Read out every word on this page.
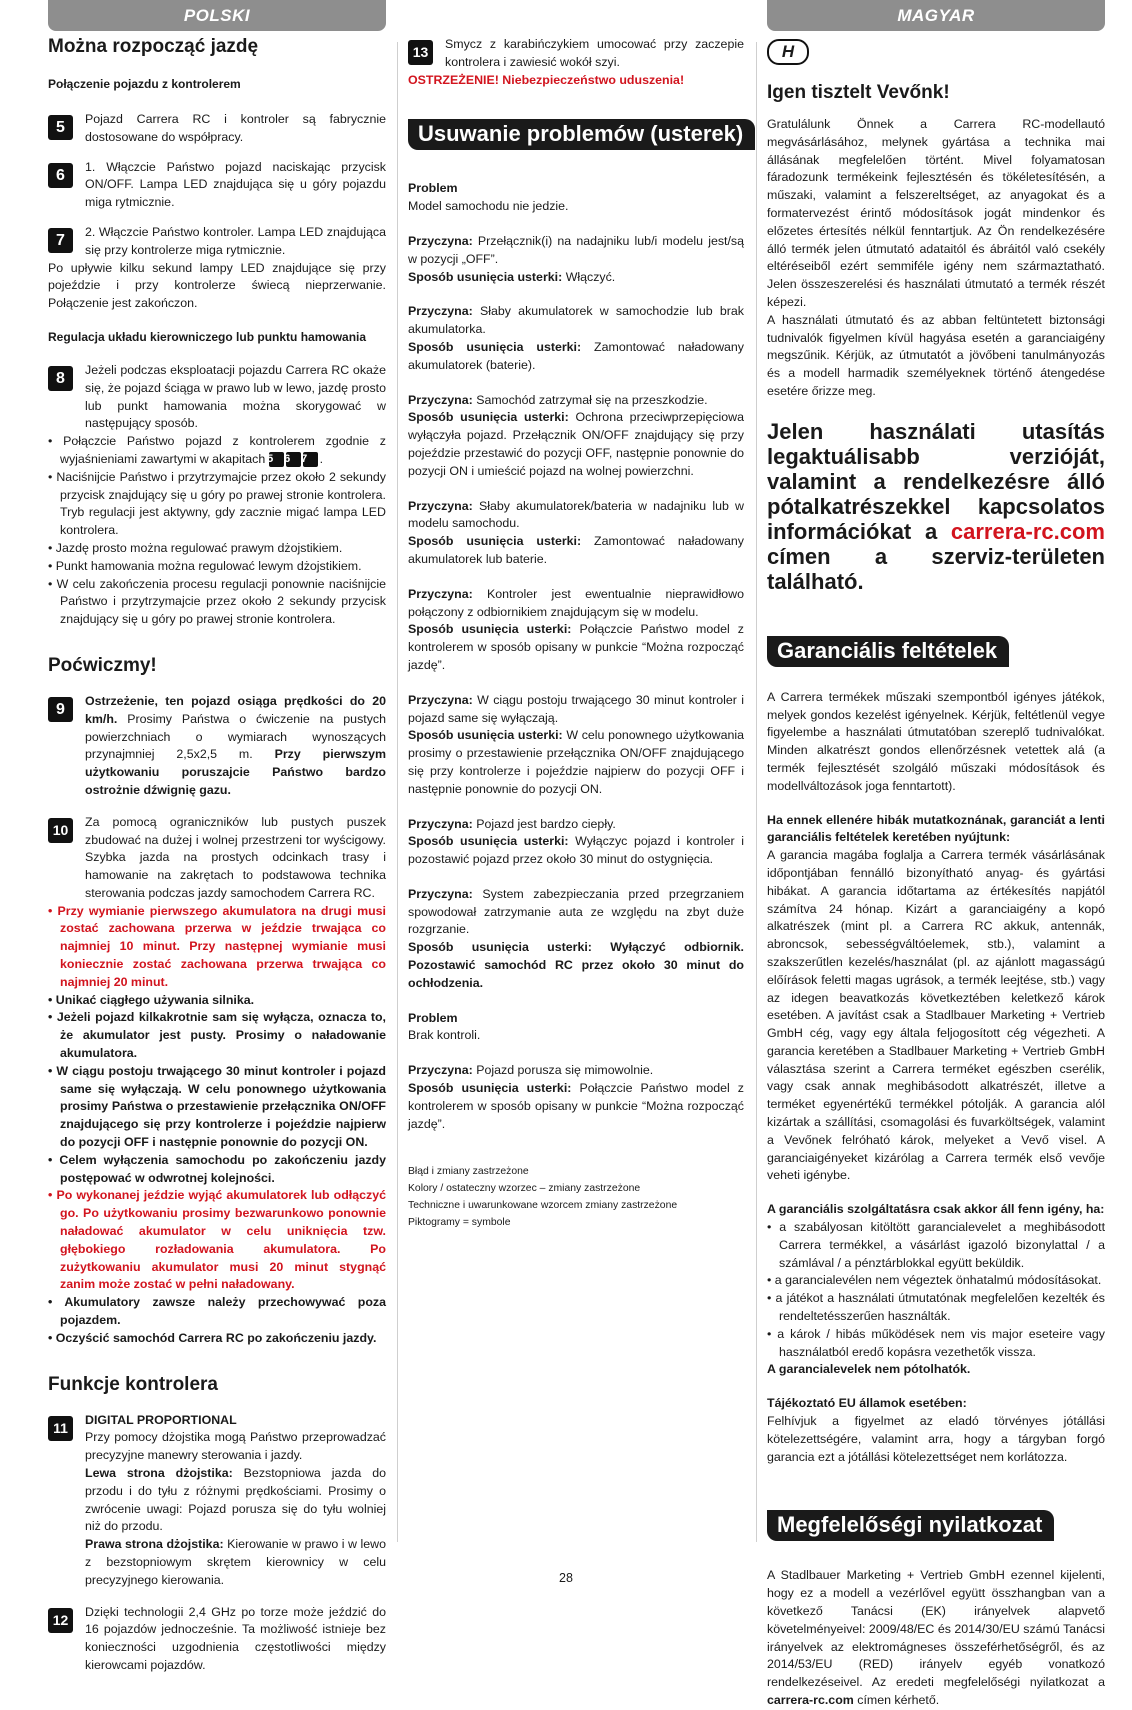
POLSKI
Można rozpocząć jazdę
Połączenie pojazdu z kontrolerem
5	Pojazd Carrera RC i kontroler są fabrycznie dostosowane do współpracy.

6	1. Włączcie Państwo pojazd naciskając przycisk ON/OFF. Lampa LED znajdująca się u góry pojazdu miga rytmicznie.

7	2. Włączcie Państwo kontroler. Lampa LED znajdująca się przy kontrolerze miga rytmicznie.

Po upływie kilku sekund lampy LED znajdujące się przy pojeździe i przy kontrolerze świecą nieprzerwanie. Połączenie jest zakończon.

Regulacja układu kierowniczego lub punktu hamowania
8	Jeżeli podczas eksploatacji pojazdu Carrera RC okaże się, że pojazd ściąga w prawo lub w lewo, jazdę prosto lub punkt hamowania można skorygować w następujący sposób.

• Połączcie Państwo pojazd z kontrolerem zgodnie z wyjaśnieniami zawartymi w akapitach 5 6 7 .
• Naciśnijcie Państwo i przytrzymajcie przez około 2 sekundy przycisk znajdujący się u góry po prawej stronie kontrolera. Tryb regulacji jest aktywny, gdy zacznie migać lampa LED kontrolera.
• Jazdę prosto można regulować prawym dżojstikiem.
• Punkt hamowania można regulować lewym dżojstikiem.
• W celu zakończenia procesu regulacji ponownie naciśnijcie Państwo i przytrzymajcie przez około 2 sekundy przycisk znajdujący się u góry po prawej stronie kontrolera.
Poćwiczmy!
9	Ostrzeżenie, ten pojazd osiąga prędkości do 20 km/h. Prosimy Państwa o ćwiczenie na pustych powierzchniach o wymiarach wynoszących przynajmniej 2,5x2,5 m. Przy pierwszym użytkowaniu poruszajcie Państwo bardzo ostrożnie dźwignię gazu.

10	Za pomocą ograniczników lub pustych puszek zbudować na dużej i wolnej przestrzeni tor wyścigowy. Szybka jazda na prostych odcinkach trasy i hamowanie na zakrętach to podstawowa technika sterowania podczas jazdy samochodem Carrera RC.

• Przy wymianie pierwszego akumulatora na drugi musi zostać zachowana przerwa w jeździe trwająca co najmniej 10 minut. Przy następnej wymianie musi koniecznie zostać zachowana przerwa trwająca co najmniej 20 minut.
• Unikać ciągłego używania silnika.
• Jeżeli pojazd kilkakrotnie sam się wyłącza, oznacza to, że akumulator jest pusty. Prosimy o naładowanie akumulatora.
• W ciągu postoju trwającego 30 minut kontroler i pojazd same się wyłączają. W celu ponownego użytkowania prosimy Państwa o przestawienie przełącznika ON/OFF znajdującego się przy kontrolerze i pojeździe najpierw do pozycji OFF i następnie ponownie do pozycji ON.
• Celem wyłączenia samochodu po zakończeniu jazdy postępować w odwrotnej kolejności.
• Po wykonanej jeździe wyjąć akumulatorek lub odłączyć go. Po użytkowaniu prosimy bezwarunkowo ponownie naładować akumulator w celu uniknięcia tzw. głębokiego rozładowania akumulatora. Po zużytkowaniu akumulator musi 20 minut stygnąć zanim może zostać w pełni naładowany.
• Akumulatory zawsze należy przechowywać poza pojazdem.
• Oczyścić samochód Carrera RC po zakończeniu jazdy.
Funkcje kontrolera
11	DIGITAL PROPORTIONAL
Przy pomocy dżojstika mogą Państwo przeprowadzać precyzyjne manewry sterowania i jazdy.
Lewa strona dżojstika: Bezstopniowa jazda do przodu i do tyłu z różnymi prędkościami. Prosimy o zwrócenie uwagi: Pojazd porusza się do tyłu wolniej niż do przodu.
Prawa strona dżojstika: Kierowanie w prawo i w lewo z bezstopniowym skrętem kierownicy w celu precyzyjnego kierowania.

12	Dzięki technologii 2,4 GHz po torze może jeździć do 16 pojazdów jednocześnie. Ta możliwość istnieje bez konieczności uzgodnienia częstotliwości między kierowcami pojazdów.

13	Smycz z karabińczykiem umocować przy zaczepie kontrolera i zawiesić wokół szyi.

OSTRZEŻENIE! Niebezpieczeństwo uduszenia!

Usuwanie problemów (usterek)

Problem
Model samochodu nie jedzie.

Przyczyna: Przełącznik(i) na nadajniku lub/i modelu jest/są w pozycji „OFF”.
Sposób usunięcia usterki: Włączyć.

Przyczyna: Słaby akumulatorek w samochodzie lub brak akumulatorka.
Sposób usunięcia usterki: Zamontować naładowany akumulatorek (baterie).

Przyczyna: Samochód zatrzymał się na przeszkodzie.
Sposób usunięcia usterki: Ochrona przeciwprzepięciowa wyłączyła pojazd. Przełącznik ON/OFF znajdujący się przy pojeździe przestawić do pozycji OFF, następnie ponownie do pozycji ON i umieścić pojazd na wolnej powierzchni.

Przyczyna: Słaby akumulatorek/bateria w nadajniku lub w modelu samochodu.
Sposób usunięcia usterki: Zamontować naładowany akumulatorek lub baterie.

Przyczyna: Kontroler jest ewentualnie nieprawidłowo połączony z odbiornikiem znajdującym się w modelu.
Sposób usunięcia usterki: Połączcie Państwo model z kontrolerem w sposób opisany w punkcie “Można rozpocząć jazdę”.

Przyczyna: W ciągu postoju trwającego 30 minut kontroler i pojazd same się wyłączają.
Sposób usunięcia usterki: W celu ponownego użytkowania prosimy o przestawienie przełącznika ON/OFF znajdującego się przy kontrolerze i pojeździe najpierw do pozycji OFF i następnie ponownie do pozycji ON.

Przyczyna: Pojazd jest bardzo ciepły.
Sposób usunięcia usterki: Wyłączyc pojazd i kontroler i pozostawić pojazd przez około 30 minut do ostygnięcia.

Przyczyna: System zabezpieczania przed przegrzaniem spowodował zatrzymanie auta ze względu na zbyt duże rozgrzanie.
Sposób usunięcia usterki: Wyłączyć odbiornik. Pozostawić samochód RC przez około 30 minut do ochłodzenia.

Problem
Brak kontroli.

Przyczyna: Pojazd porusza się mimowolnie.
Sposób usunięcia usterki: Połączcie Państwo model z kontrolerem w sposób opisany w punkcie “Można rozpocząć jazdę”.

Błąd i zmiany zastrzeżone
Kolory / ostateczny wzorzec – zmiany zastrzeżone
Techniczne i uwarunkowane wzorcem zmiany zastrzeżone
Piktogramy = symbole
MAGYAR
H
Igen tisztelt Vevőnk!

Gratulálunk Önnek a Carrera RC-modellautó megvásárlásához, melynek gyártása a technika mai állásának megfelelően történt. Mivel folyamatosan fáradozunk termékeink fejlesztésén és tökéletesítésén, a műszaki, valamint a felszereltséget, az anyagokat és a formatervezést érintő módosítások jogát mindenkor és előzetes értesítés nélkül fenntartjuk. Az Ön rendelkezésére álló termék jelen útmutató adatai​tól és ábráitól való csekély eltéréseiből ezért semmiféle igény nem származtatható. Jelen összeszerelési és használati útmutató a termék részét képezi.

A használati útmutató és az abban feltüntetett biztonsági tudnivalók figyelmen kívül hagyása esetén a garanciaigény megszűnik. Kérjük, az útmutatót a jövőbeni tanulmányozás és a modell harmadik személyeknek történő átengedése esetére őrizze meg.

Jelen használati utasítás legaktuálisabb verzióját, valamint a rendelkezésre álló pótalkatrészekkel kapcsolatos információkat a carrera-rc.com címen a szerviz-területen található.
Garanciális feltételek

A Carrera termékek műszaki szempontból igényes játékok, melyek gondos kezelést igényelnek. Kérjük, feltétlenül vegye figyelembe a használati útmutatóban szereplő tudnivalókat. Minden alkatrészt gondos ellenőrzésnek vetettek alá (a termék fejlesztését szolgáló műszaki módosítások és modellváltozások joga fenntartott).

Ha ennek ellenére hibák mutatkoznának, garanciát a lenti garanciális feltételek keretében nyújtunk:

A garancia magába foglalja a Carrera termék vásárlásának időpontjában fennálló bizonyítható anyag- és gyártási hibákat. A garancia időtartama az értékesítés napjától számítva 24 hónap. Kizárt a garanciaigény a kopó alkatrészek (mint pl. a Carrera RC akkuk, antennák, abroncsok, sebességváltóelemek, stb.), valamint a szakszerűtlen kezelés/használat (pl. az ajánlott magasságú előírások feletti magas ugrások, a termék leejtése, stb.) vagy az idegen beavatkozás következtében keletkező károk esetében. A javítást csak a Stadlbauer Marketing + Vertrieb GmbH cég, vagy egy általa feljogosított cég végezheti. A garancia keretében a Stadlbauer Marketing + Vertrieb GmbH választása szerint a Carrera terméket egészben cserélik, vagy csak annak meghibásodott alkatrészét, illetve a terméket egyenértékű termékkel pótolják. A garancia alól kizártak a szállítási, csomagolási és fuvarköltségek, valamint a Vevőnek felróható károk, melyeket a Vevő visel. A garanciaigényeket kizárólag a Carrera termék első vevője veheti igénybe.

A garanciális szolgáltatásra csak akkor áll fenn igény, ha:

• a szabályosan kitöltött garancialevelet a meghibásodott Carrera termékkel, a vásárlást igazoló bizonylattal / a számlával / a pénztárblokkal együtt beküldik.
• a garancialevélen nem végeztek önhatalmú módosításokat.
• a játékot a használati útmutatónak megfelelően kezelték és rendeltetésszerűen használták.
• a károk / hibás működések nem vis major eseteire vagy használatból eredő kopásra vezethetők vissza.

A garancialevelek nem pótolhatók.

Tájékoztató EU államok esetében:

Felhívjuk a figyelmet az eladó törvényes jótállási kötelezettségére, valamint arra, hogy a tárgyban forgó garancia ezt a jótállási kötelezettséget nem korlátozza.

Megfelelőségi nyilatkozat

A Stadlbauer Marketing + Vertrieb GmbH ezennel kijelenti, hogy ez a modell a vezérlővel együtt összhangban van a következő Tanácsi (EK) irányelvek alapvető követelményeivel: 2009/48/EC és 2014/30/EU számú Tanácsi irányelvek az elektromágneses összeférhetőségről, és az 2014/53/EU (RED) irányelv egyéb vonatkozó rendelkezéseivel. Az eredeti megfelelőségi nyilatkozat a carrera-rc.com címen kérhető.

28
